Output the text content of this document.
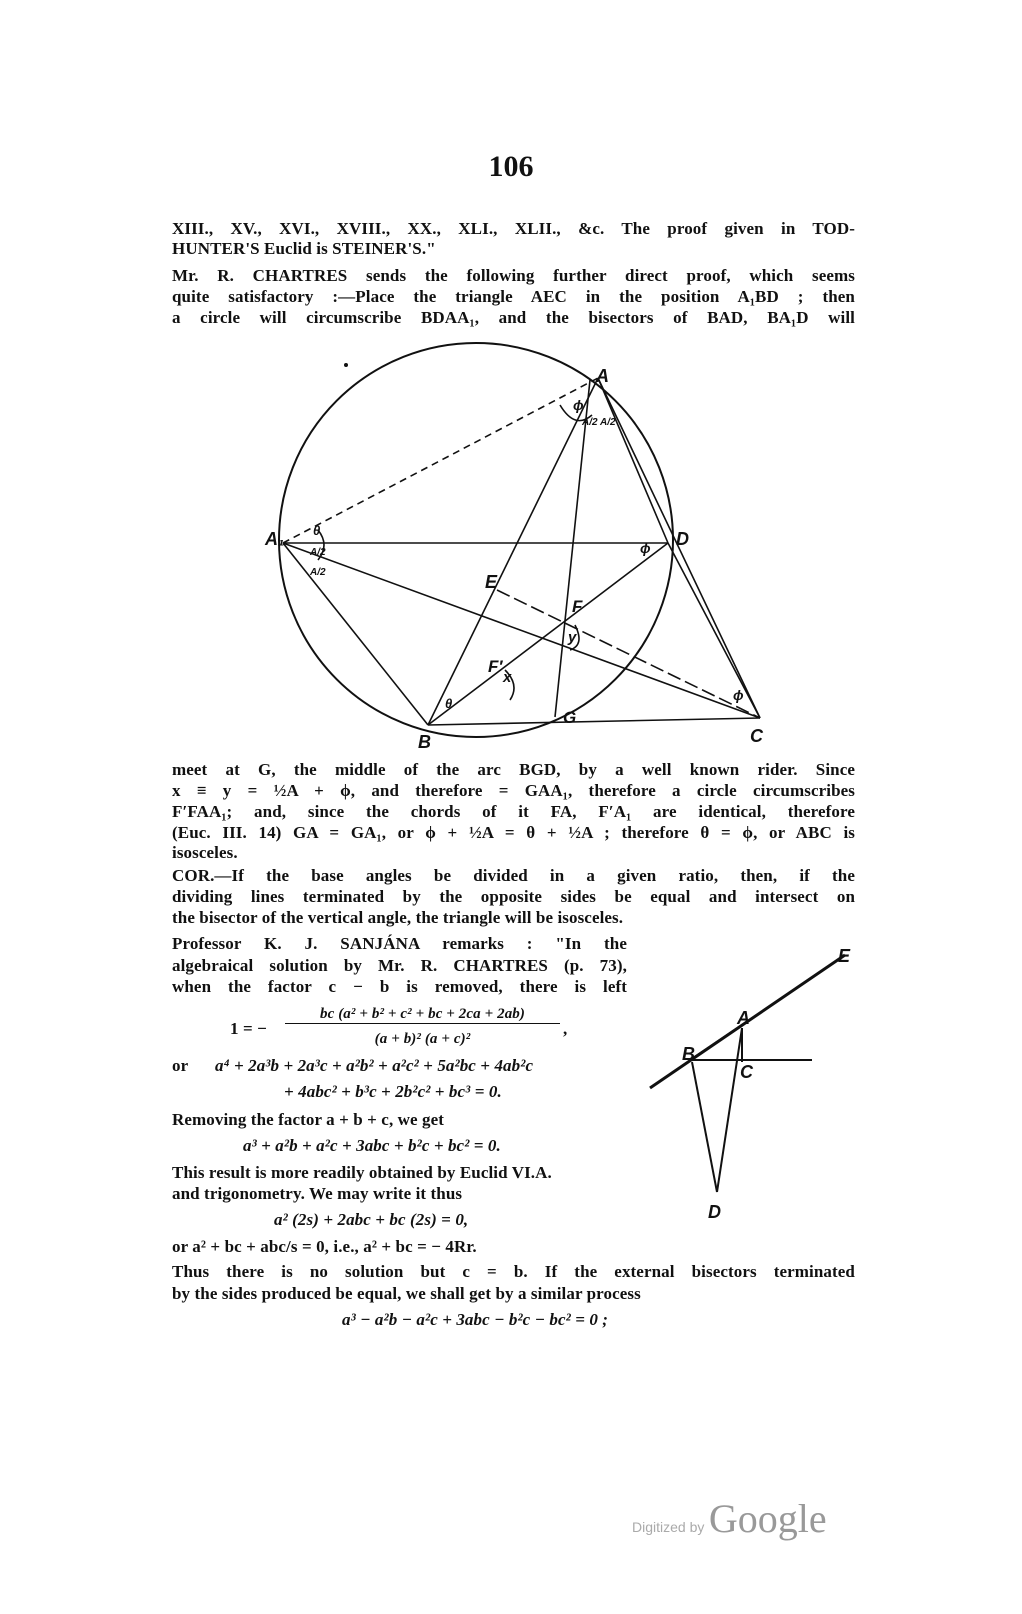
106
XIII., XV., XVI., XVIII., XX., XLI., XLII., &c. The proof given in TOD-
HUNTER'S Euclid is STEINER'S."
Mr. R. CHARTRES sends the following further direct proof, which seems
quite satisfactory :—Place the triangle AEC in the position A₁BD ; then
a circle will circumscribe BDAA₁, and the bisectors of BAD, BA₁D will
A
A₁	D
B	C
E
F
F′
G
x
y
ϕ
ϕ
ϕ
θ
θ
A/2 A/2
A/2
A/2
meet at G, the middle of the arc BGD, by a well known rider. Since
x ≡ y = ½A + ϕ, and therefore = GAA₁, therefore a circle circumscribes
F′FAA₁; and, since the chords of it FA, F′A₁ are identical, therefore
(Euc. III. 14) GA = GA₁, or ϕ + ½A = θ + ½A ; therefore θ = ϕ, or ABC is
isosceles.
COR.—If the base angles be divided in a given ratio, then, if the
dividing lines terminated by the opposite sides be equal and intersect on
the bisector of the vertical angle, the triangle will be isosceles.
Professor K. J. SANJÁNA remarks : "In the
algebraical solution by Mr. R. CHARTRES (p. 73),
when the factor c − b is removed, there is left
1 = −
bc (a² + b² + c² + bc + 2ca + 2ab)
(a + b)² (a + c)²
,
or a⁴ + 2a³b + 2a³c + a²b² + a²c² + 5a²bc + 4ab²c
+ 4abc² + b³c + 2b²c² + bc³ = 0.
Removing the factor a + b + c, we get
a³ + a²b + a²c + 3abc + b²c + bc² = 0.
This result is more readily obtained by Euclid VI.A.
and trigonometry. We may write it thus
a² (2s) + 2abc + bc (2s) = 0,
or a² + bc + abc/s = 0, i.e., a² + bc = − 4Rr.
Thus there is no solution but c = b. If the external bisectors terminated
by the sides produced be equal, we shall get by a similar process
a³ − a²b − a²c + 3abc − b²c − bc² = 0 ;
E
A
B
C
D
Digitized by Google
